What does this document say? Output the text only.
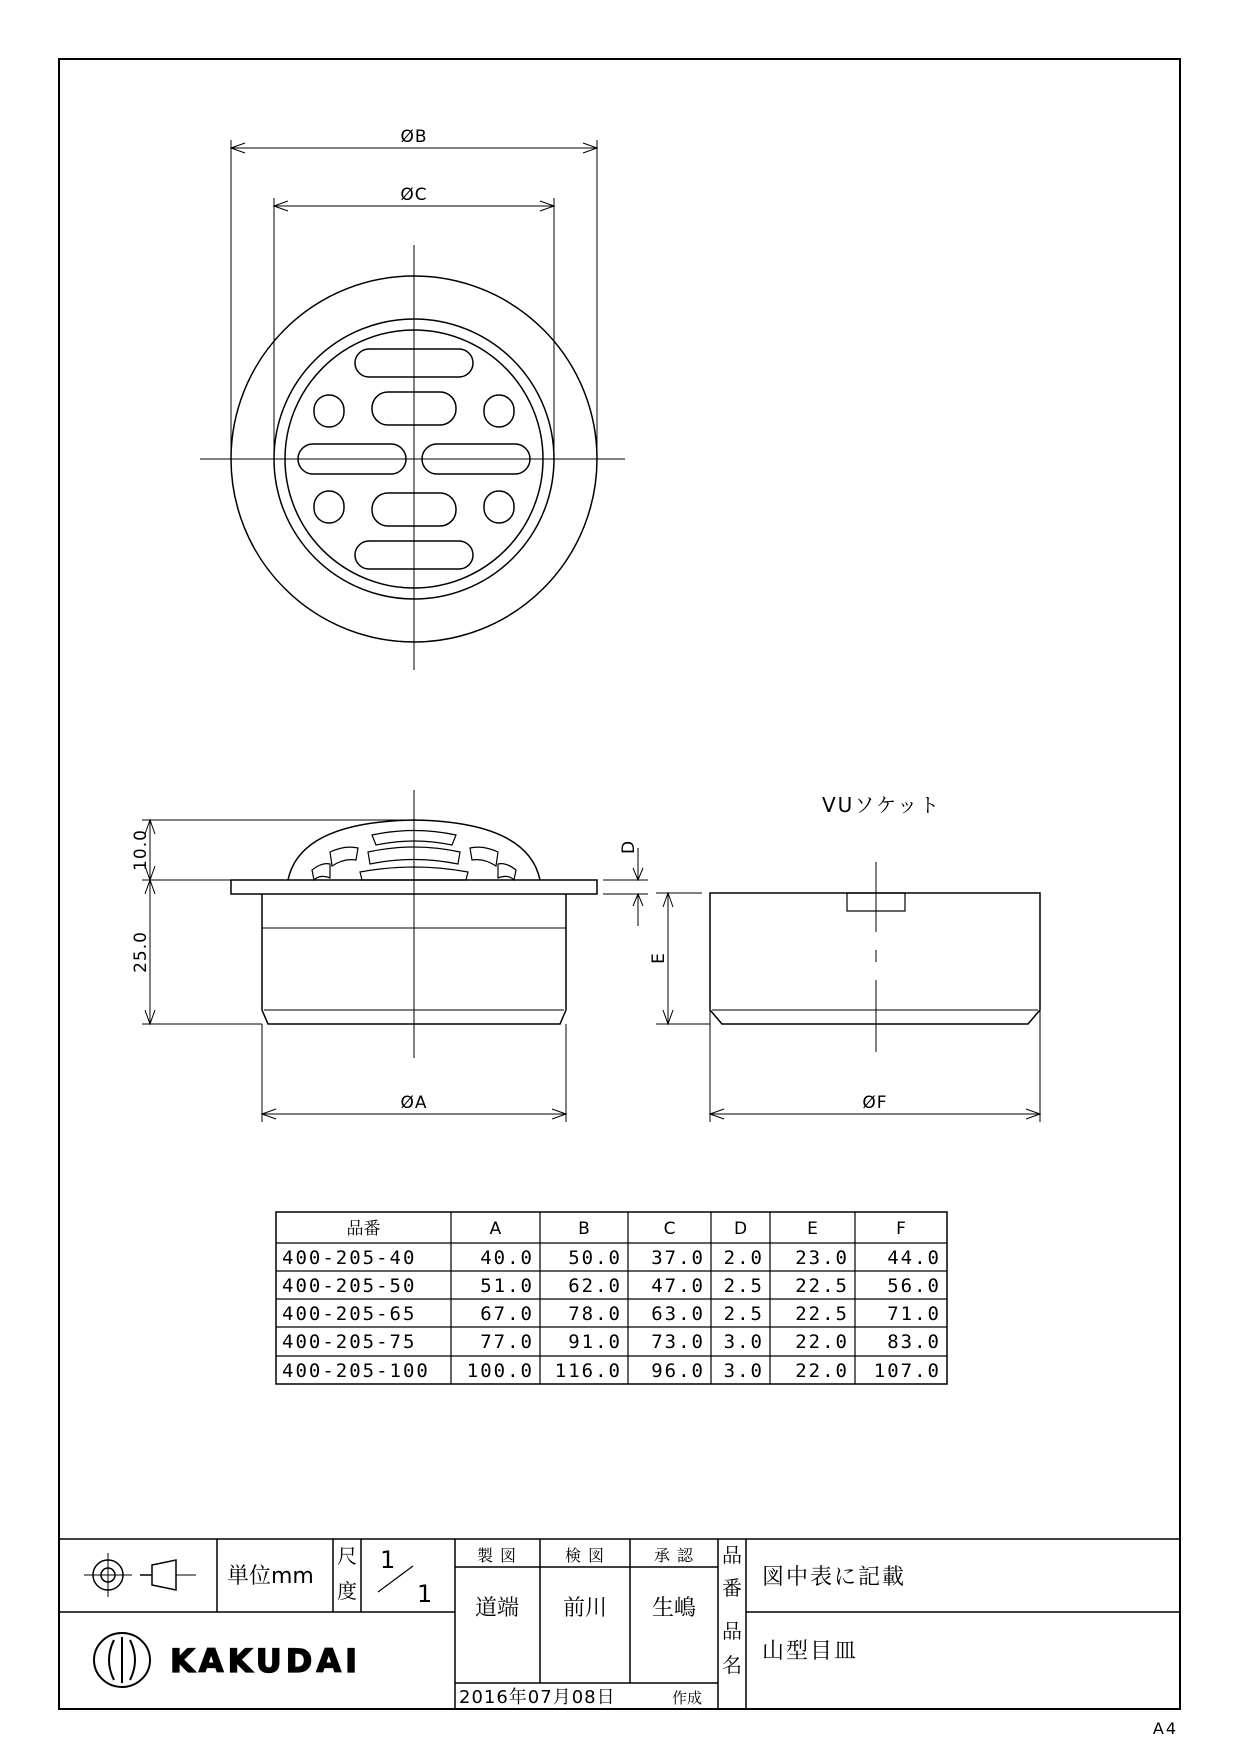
ØB
ØC
10.0
25.0
ØA
D
VUソケット
E
ØF
品番	A	B	C	D	E	F
400-205-40	40.0 50.0 37.0 2.0 23.0 44.0
400-205-50	51.0 62.0 47.0 2.5 22.5 56.0
400-205-65	67.0 78.0 63.0 2.5 22.5 71.0
400-205-75	77.0 91.0 73.0 3.0 22.0 83.0
400-205-100 100.0 116.0 96.0 3.0 22.0 107.0
単位mm
尺
度
1
1
製 図	検 図	承 認
道端 前川 生嶋
品
番 図中表に記載
品
名
山型目皿
2016年07月08日	作成
KAKUDAI
A4
